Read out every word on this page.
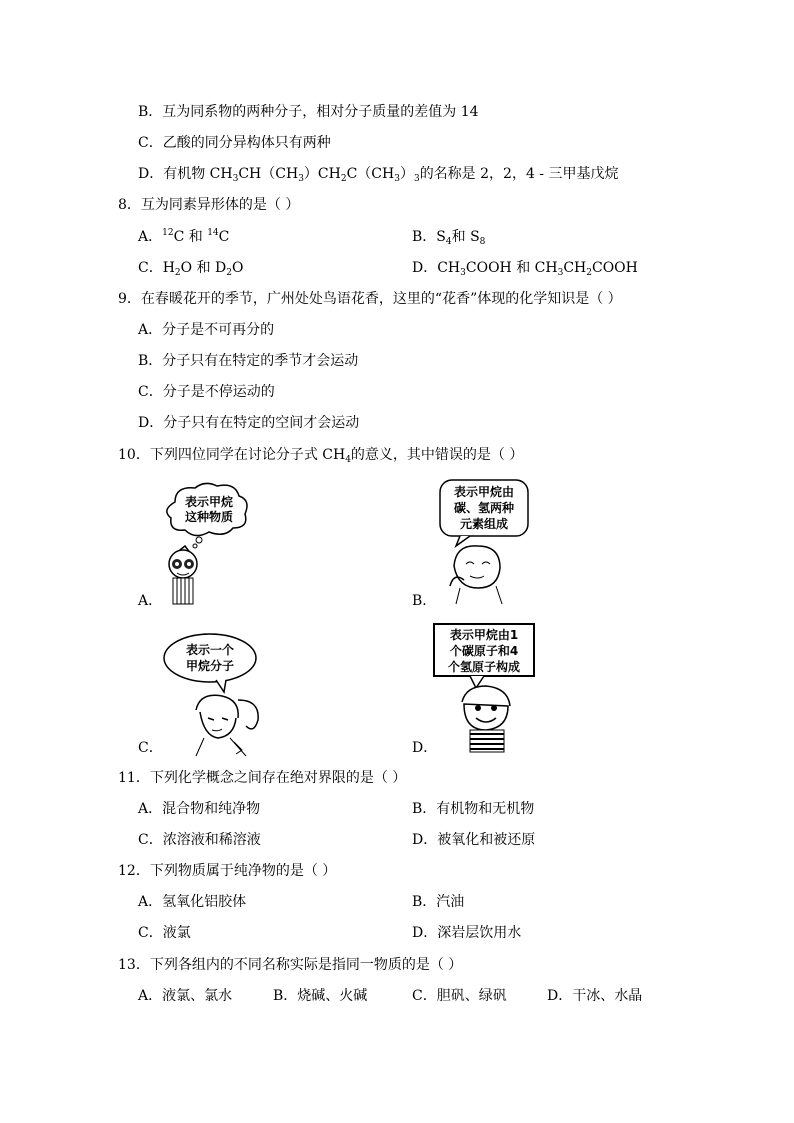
B．互为同系物的两种分子，相对分子质量的差值为 14
C．乙酸的同分异构体只有两种
D．有机物 $CH_3CH(CH_3)CH_2C(CH_3)_3$的名称是 2，2，4 - 三甲基戊烷
8．互为同素异形体的是（ ）
A．$^{12}$C 和 $^{14}$C	B．$S_4$和 $S_8$
C．$H_2O$ 和 $D_2O$	D．$CH_3COOH$ 和 $CH_3CH_2COOH$
9．在春暖花开的季节，广州处处鸟语花香，这里的“花香”体现的化学知识是（ ）
A．分子是不可再分的
B．分子只有在特定的季节才会运动
C．分子是不停运动的
D．分子只有在特定的空间才会运动
10．下列四位同学在讨论分子式 $CH_4$的意义，其中错误的是（ ）
表示甲烷
这种物质
A．
表示甲烷由
碳、氢两种
元素组成
B．
表示一个
甲烷分子
C．
表示甲烷由1
个碳原子和4
个氢原子构成
D．
11．下列化学概念之间存在绝对界限的是（ ）
A．混合物和纯净物	B．有机物和无机物
C．浓溶液和稀溶液	D．被氧化和被还原
12．下列物质属于纯净物的是（ ）
A．氢氧化铝胶体	B．汽油
C．液氯	D．深岩层饮用水
13．下列各组内的不同名称实际是指同一物质的是（ ）
A．液氯、氯水	B．烧碱、火碱	C．胆矾、绿矾	D．干冰、水晶
